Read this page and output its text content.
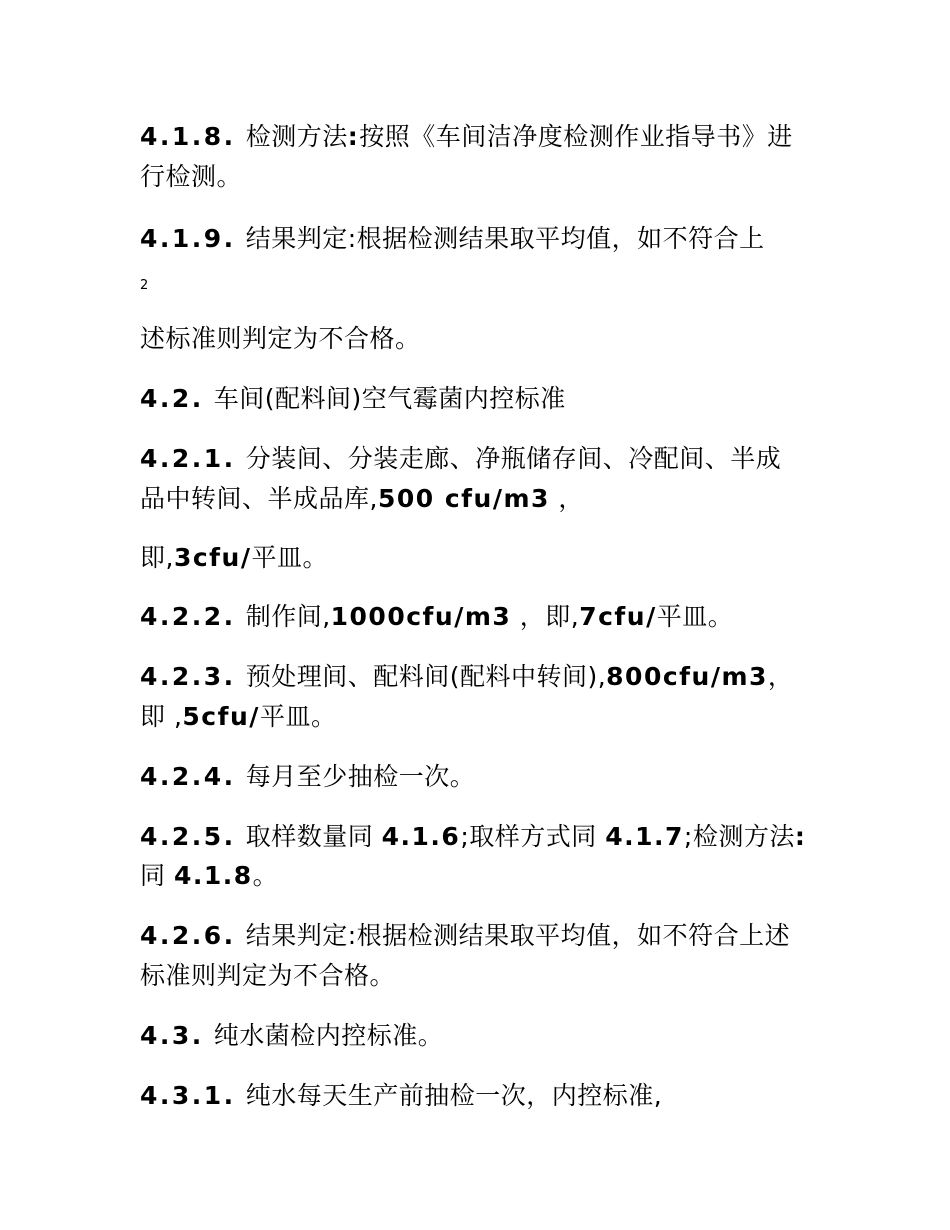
4.1.8. 检测方法:按照《车间洁净度检测作业指导书》进
行检测。
4.1.9. 结果判定:根据检测结果取平均值，如不符合上
2
述标准则判定为不合格。
4.2. 车间(配料间)空气霉菌内控标准
4.2.1. 分装间、分装走廊、净瓶储存间、冷配间、半成
品中转间、半成品库,500 cfu/m3 ，
即,3cfu/平皿。
4.2.2. 制作间,1000cfu/m3 ，即,7cfu/平皿。
4.2.3. 预处理间、配料间(配料中转间),800cfu/m3，
即 ,5cfu/平皿。
4.2.4. 每月至少抽检一次。
4.2.5. 取样数量同 4.1.6;取样方式同 4.1.7;检测方法:
同 4.1.8。
4.2.6. 结果判定:根据检测结果取平均值，如不符合上述
标准则判定为不合格。
4.3. 纯水菌检内控标准。
4.3.1. 纯水每天生产前抽检一次，内控标准,
